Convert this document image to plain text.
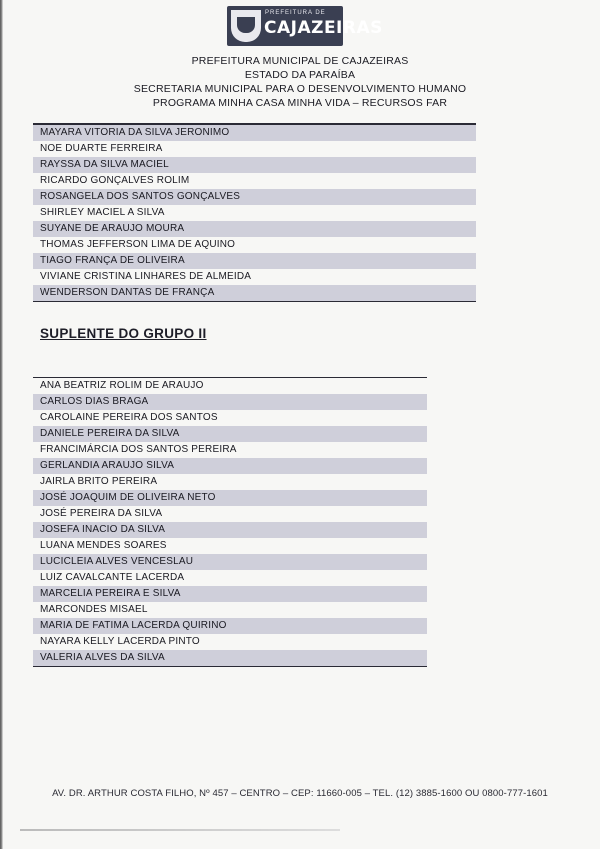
PREFEITURA DE
CAJAZEIRAS
PREFEITURA MUNICIPAL DE CAJAZEIRAS
ESTADO DA PARAÍBA
SECRETARIA MUNICIPAL PARA O DESENVOLVIMENTO HUMANO
PROGRAMA MINHA CASA MINHA VIDA – RECURSOS FAR
MAYARA VITORIA DA SILVA JERONIMO
NOE DUARTE FERREIRA
RAYSSA DA SILVA MACIEL
RICARDO GONÇALVES ROLIM
ROSANGELA DOS SANTOS GONÇALVES
SHIRLEY MACIEL A SILVA
SUYANE DE ARAUJO MOURA
THOMAS JEFFERSON LIMA DE AQUINO
TIAGO FRANÇA DE OLIVEIRA
VIVIANE CRISTINA LINHARES DE ALMEIDA
WENDERSON DANTAS DE FRANÇA
SUPLENTE DO GRUPO II
ANA BEATRIZ ROLIM DE ARAUJO
CARLOS DIAS BRAGA
CAROLAINE PEREIRA DOS SANTOS
DANIELE PEREIRA DA SILVA
FRANCIMÁRCIA DOS SANTOS PEREIRA
GERLANDIA ARAUJO SILVA
JAIRLA BRITO PEREIRA
JOSÉ JOAQUIM DE OLIVEIRA NETO
JOSÉ PEREIRA DA SILVA
JOSEFA INACIO DA SILVA
LUANA MENDES SOARES
LUCICLEIA ALVES VENCESLAU
LUIZ CAVALCANTE LACERDA
MARCELIA PEREIRA E SILVA
MARCONDES MISAEL
MARIA DE FATIMA LACERDA QUIRINO
NAYARA KELLY LACERDA PINTO
VALERIA ALVES DA SILVA
AV. DR. ARTHUR COSTA FILHO, Nº 457 – CENTRO – CEP: 11660-005 – TEL. (12) 3885-1600 OU 0800-777-1601
